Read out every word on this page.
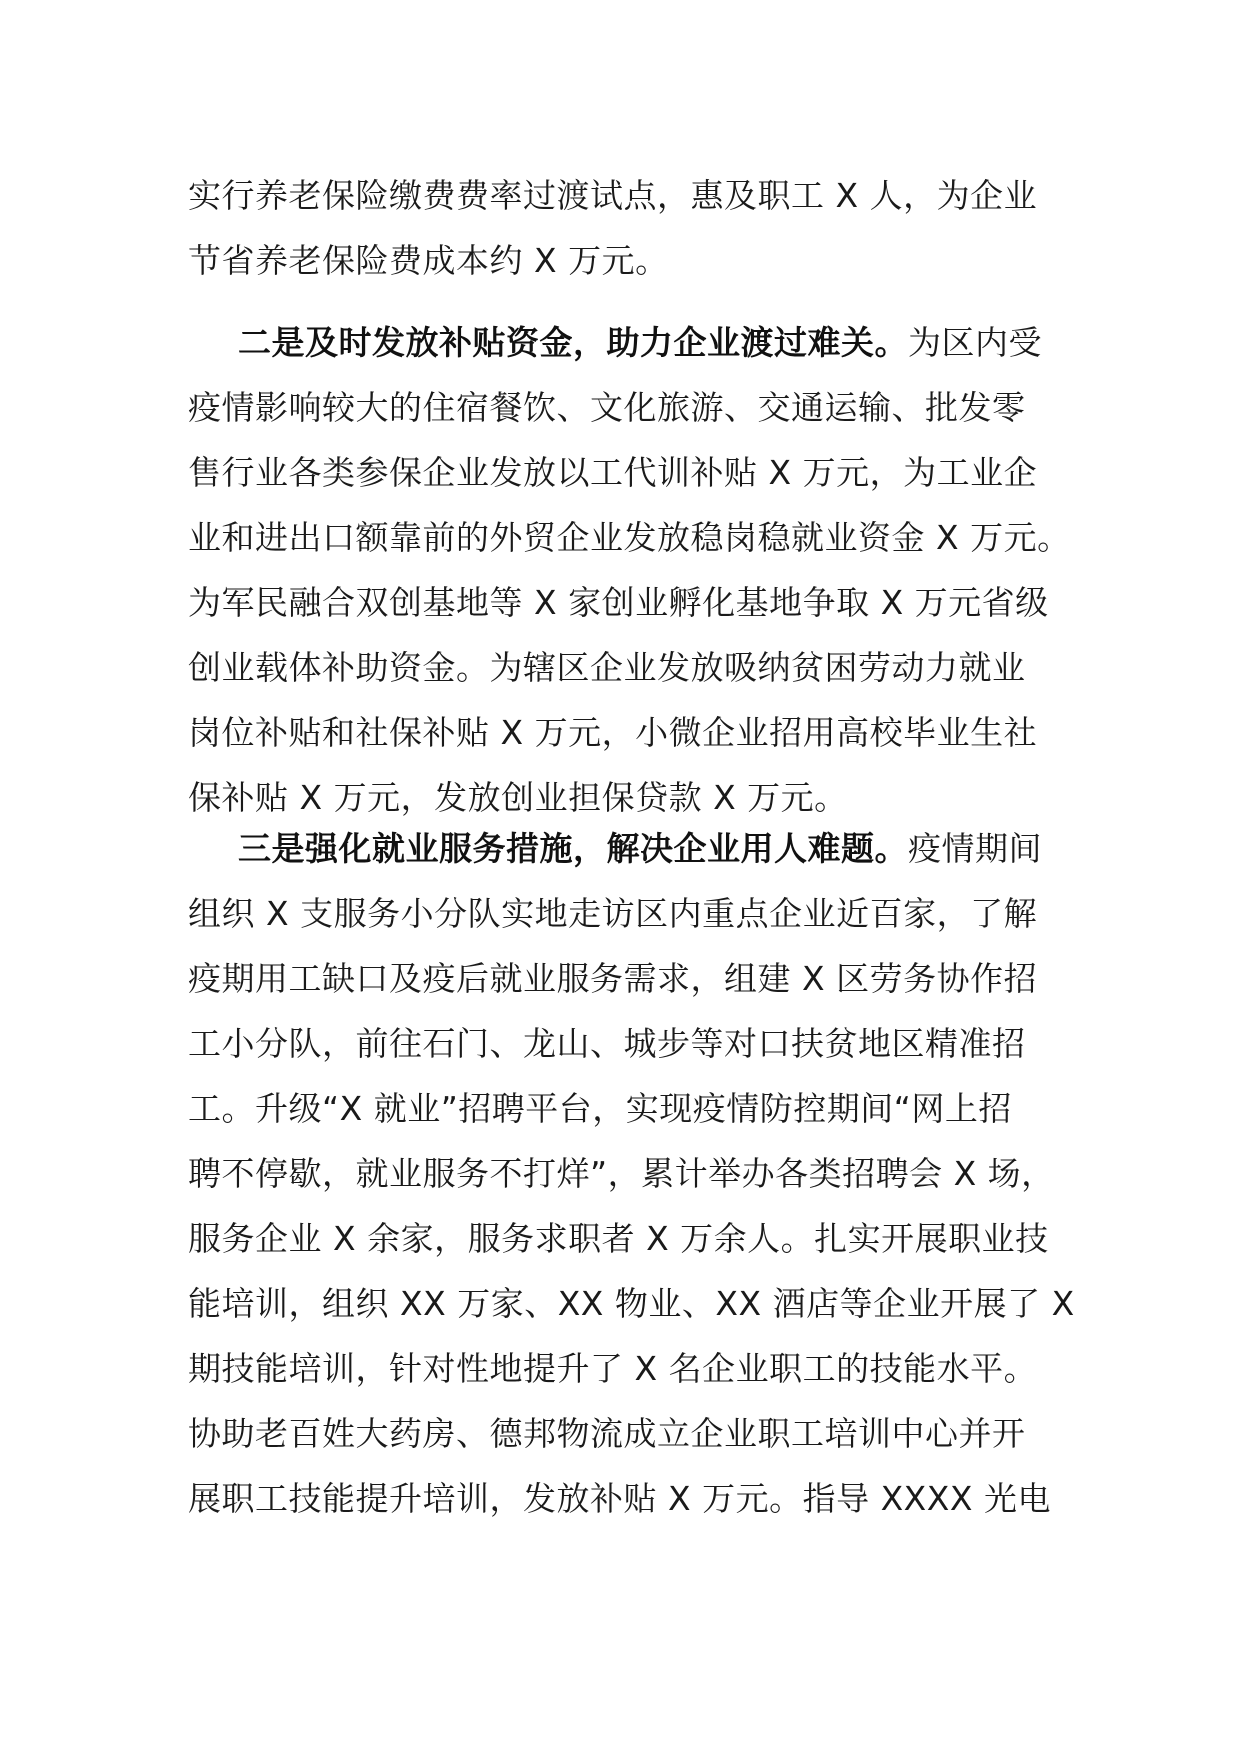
实行养老保险缴费费率过渡试点，惠及职工 X 人，为企业
节省养老保险费成本约 X 万元。
二是及时发放补贴资金，助力企业渡过难关。为区内受
疫情影响较大的住宿餐饮、文化旅游、交通运输、批发零
售行业各类参保企业发放以工代训补贴 X 万元，为工业企
业和进出口额靠前的外贸企业发放稳岗稳就业资金 X 万元。
为军民融合双创基地等 X 家创业孵化基地争取 X 万元省级
创业载体补助资金。为辖区企业发放吸纳贫困劳动力就业
岗位补贴和社保补贴 X 万元，小微企业招用高校毕业生社
保补贴 X 万元，发放创业担保贷款 X 万元。
三是强化就业服务措施，解决企业用人难题。疫情期间
组织 X 支服务小分队实地走访区内重点企业近百家，了解
疫期用工缺口及疫后就业服务需求，组建 X 区劳务协作招
工小分队，前往石门、龙山、城步等对口扶贫地区精准招
工。升级“X 就业”招聘平台，实现疫情防控期间“网上招
聘不停歇，就业服务不打烊”，累计举办各类招聘会 X 场，
服务企业 X 余家，服务求职者 X 万余人。扎实开展职业技
能培训，组织 XX 万家、XX 物业、XX 酒店等企业开展了 X
期技能培训，针对性地提升了 X 名企业职工的技能水平。
协助老百姓大药房、德邦物流成立企业职工培训中心并开
展职工技能提升培训，发放补贴 X 万元。指导 XXXX 光电
